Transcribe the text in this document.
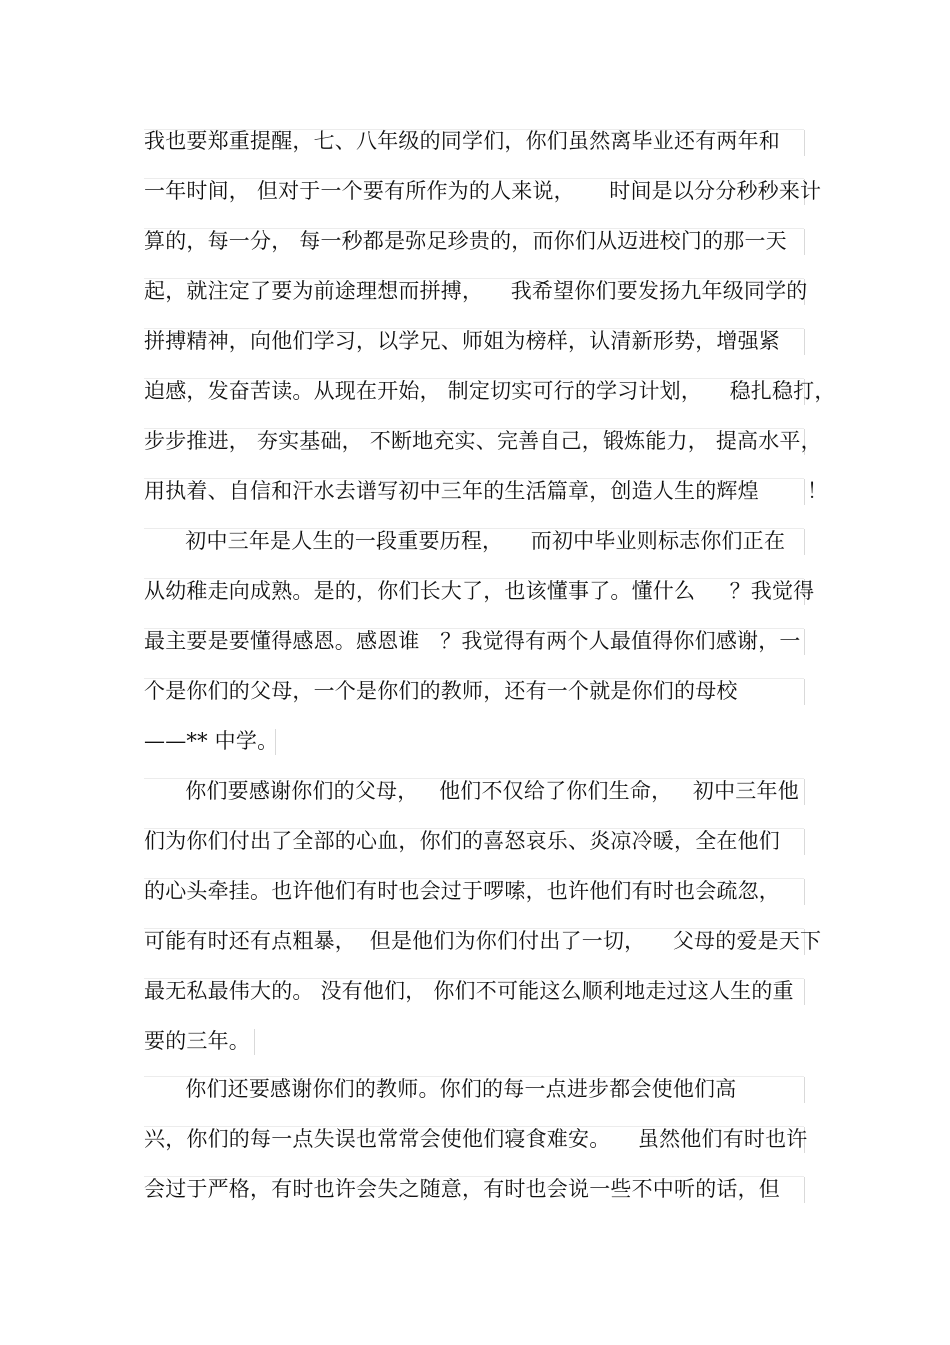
我也要郑重提醒，七、八年级的同学们，你们虽然离毕业还有两年和
一年时间， 但对于一个要有所作为的人来说，     时间是以分分秒秒来计
算的，每一分， 每一秒都是弥足珍贵的，而你们从迈进校门的那一天
起，就注定了要为前途理想而拼搏，    我希望你们要发扬九年级同学的
拼搏精神，向他们学习，以学兄、师姐为榜样，认清新形势，增强紧
迫感，发奋苦读。从现在开始， 制定切实可行的学习计划，    稳扎稳打，
步步推进， 夯实基础， 不断地充实、完善自己，锻炼能力， 提高水平，
用执着、自信和汗水去谱写初中三年的生活篇章，创造人生的辉煌       ！
初中三年是人生的一段重要历程，    而初中毕业则标志你们正在
从幼稚走向成熟。是的，你们长大了，也该懂事了。懂什么     ？我觉得
最主要是要懂得感恩。感恩谁   ？我觉得有两个人最值得你们感谢，一
个是你们的父母，一个是你们的教师，还有一个就是你们的母校
——** 中学。
你们要感谢你们的父母，   他们不仅给了你们生命，   初中三年他
们为你们付出了全部的心血，你们的喜怒哀乐、炎凉冷暖，全在他们
的心头牵挂。也许他们有时也会过于啰嗦，也许他们有时也会疏忽，
可能有时还有点粗暴，  但是他们为你们付出了一切，    父母的爱是天下
最无私最伟大的。 没有他们， 你们不可能这么顺利地走过这人生的重
要的三年。
你们还要感谢你们的教师。你们的每一点进步都会使他们高
兴，你们的每一点失误也常常会使他们寝食难安。    虽然他们有时也许
会过于严格，有时也许会失之随意，有时也会说一些不中听的话，但
